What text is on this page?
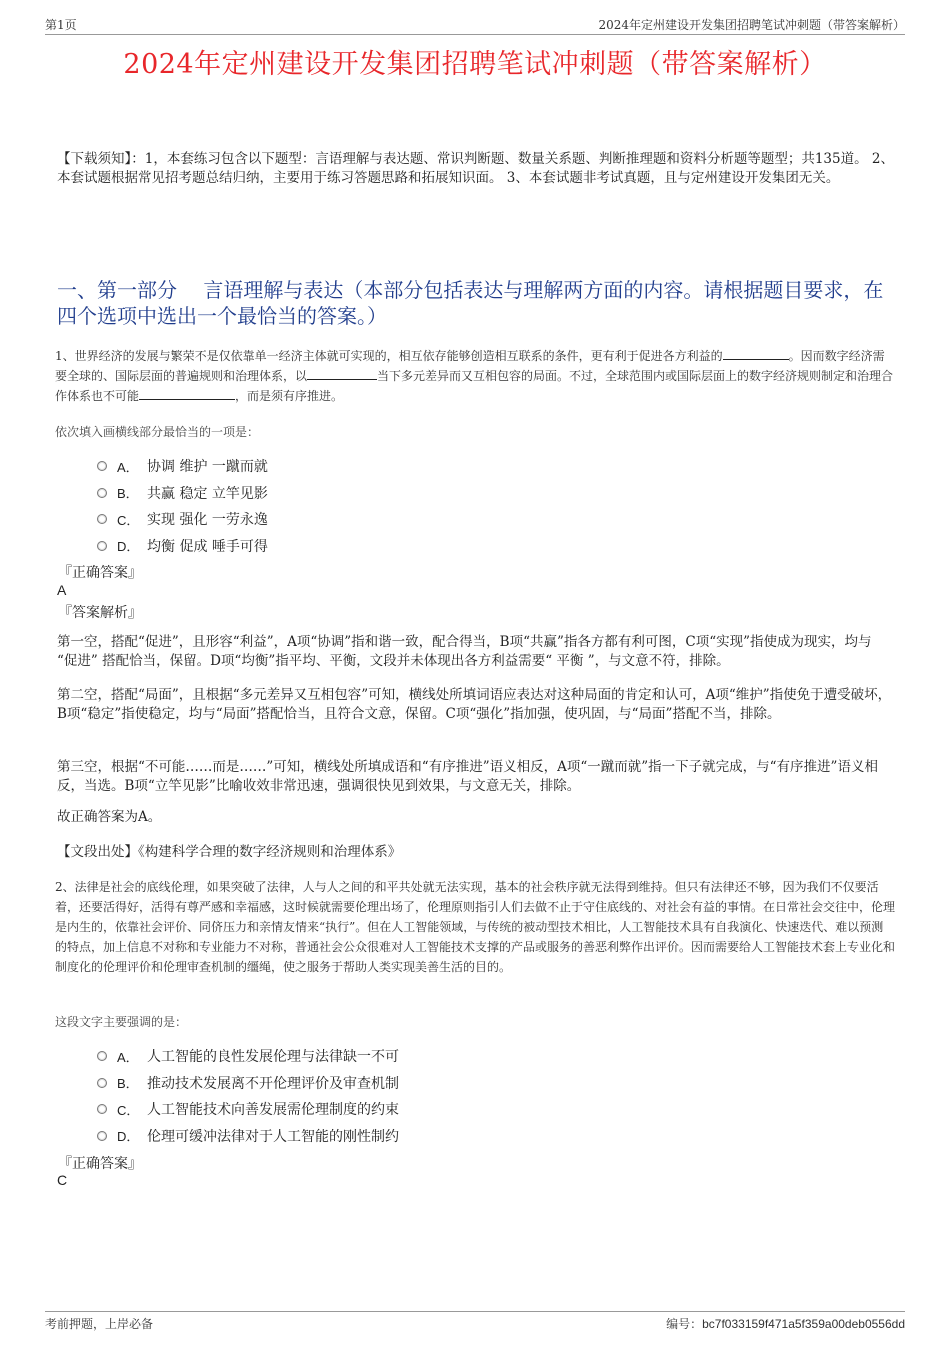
第1页	2024年定州建设开发集团招聘笔试冲刺题（带答案解析）
2024年定州建设开发集团招聘笔试冲刺题（带答案解析）
【下载须知】：1，本套练习包含以下题型：言语理解与表达题、常识判断题、数量关系题、判断推理题和资料分析题等题型；共135道。 2、本套试题根据常见招考题总结归纳，主要用于练习答题思路和拓展知识面。 3、本套试题非考试真题，且与定州建设开发集团无关。
一、第一部分　 言语理解与表达（本部分包括表达与理解两方面的内容。请根据题目要求，在四个选项中选出一个最恰当的答案。）
1、世界经济的发展与繁荣不是仅依靠单一经济主体就可实现的，相互依存能够创造相互联系的条件，更有利于促进各方利益的	。因而数字经济需要全球的、国际层面的普遍规则和治理体系，以	当下多元差异而又互相包容的局面。不过，全球范围内或国际层面上的数字经济规则制定和治理合作体系也不可能	，而是须有序推进。
依次填入画横线部分最恰当的一项是：
A． 协调 维护 一蹴而就
B． 共赢 稳定 立竿见影
C． 实现 强化 一劳永逸
D． 均衡 促成 唾手可得
『正确答案』
A
『答案解析』
第一空，搭配“促进”，且形容“利益”，A项“协调”指和谐一致，配合得当，B项“共赢”指各方都有利可图，C项“实现”指使成为现实，均与 “促进” 搭配恰当，保留。D项“均衡”指平均、平衡，文段并未体现出各方利益需要“ 平衡 ”，与文意不符，排除。
第二空，搭配“局面”，且根据“多元差异又互相包容”可知，横线处所填词语应表达对这种局面的肯定和认可，A项“维护”指使免于遭受破坏，B项“稳定”指使稳定，均与“局面”搭配恰当，且符合文意，保留。C项“强化”指加强，使巩固，与“局面”搭配不当，排除。
第三空，根据“不可能……而是……”可知，横线处所填成语和“有序推进”语义相反，A项“一蹴而就”指一下子就完成，与“有序推进”语义相反，当选。B项“立竿见影”比喻收效非常迅速，强调很快见到效果，与文意无关，排除。
故正确答案为A。
【文段出处】《构建科学合理的数字经济规则和治理体系》
2、法律是社会的底线伦理，如果突破了法律，人与人之间的和平共处就无法实现，基本的社会秩序就无法得到维持。但只有法律还不够，因为我们不仅要活着，还要活得好，活得有尊严感和幸福感，这时候就需要伦理出场了，伦理原则指引人们去做不止于守住底线的、对社会有益的事情。在日常社会交往中，伦理是内生的，依靠社会评价、同侪压力和亲情友情来“执行”。但在人工智能领域，与传统的被动型技术相比，人工智能技术具有自我演化、快速迭代、难以预测的特点，加上信息不对称和专业能力不对称，普通社会公众很难对人工智能技术支撑的产品或服务的善恶利弊作出评价。因而需要给人工智能技术套上专业化和制度化的伦理评价和伦理审查机制的缰绳，使之服务于帮助人类实现美善生活的目的。
这段文字主要强调的是：
A． 人工智能的良性发展伦理与法律缺一不可
B． 推动技术发展离不开伦理评价及审查机制
C． 人工智能技术向善发展需伦理制度的约束
D． 伦理可缓冲法律对于人工智能的刚性制约
『正确答案』
C
考前押题，上岸必备	编号：bc7f033159f471a5f359a00deb0556dd
